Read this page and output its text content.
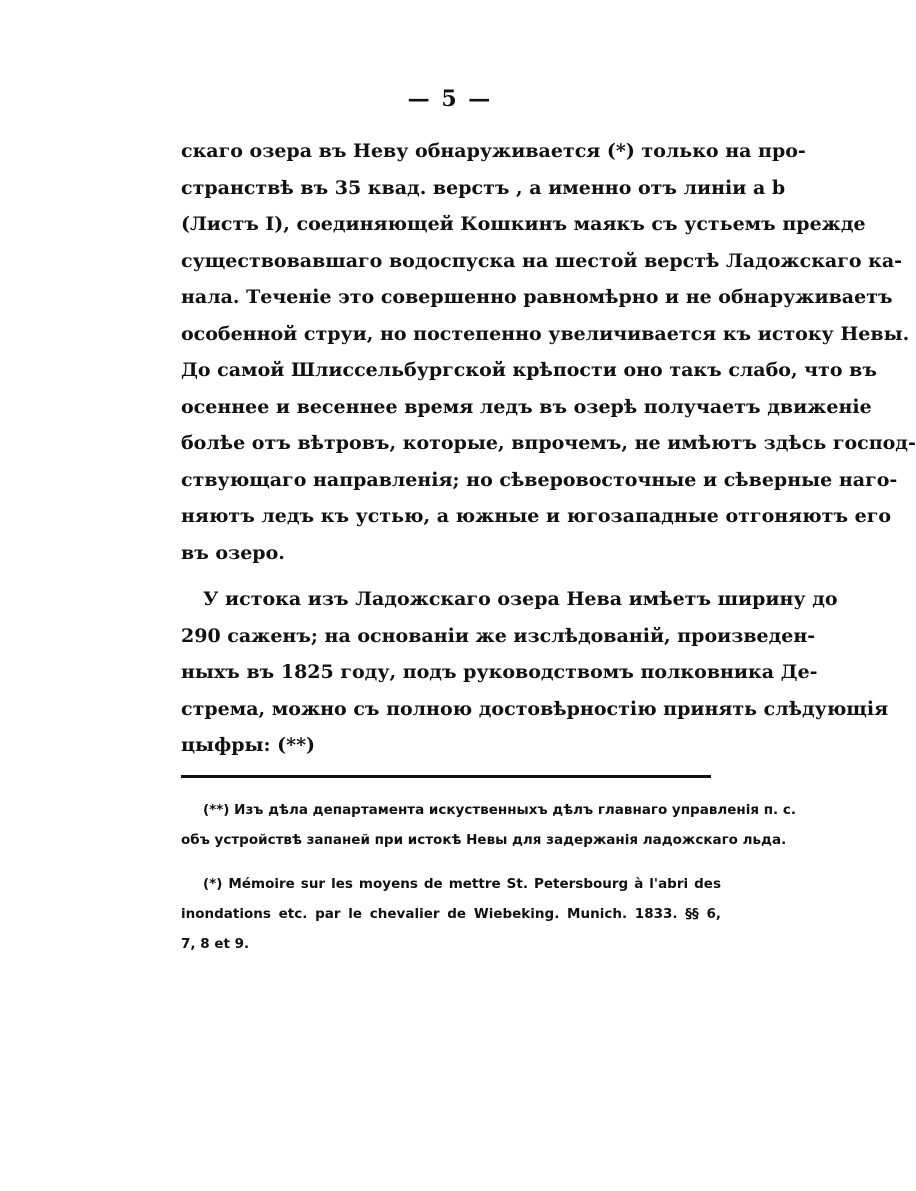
— 5 —
скаго озера въ Неву обнаруживается (*) только на про-
странствѣ въ 35 квад. верстъ , а именно отъ линіи a b
(Листъ I), соединяющей Кошкинъ маякъ съ устьемъ прежде
существовавшаго водоспуска на шестой верстѣ Ладожскаго ка-
нала. Теченіе это совершенно равномѣрно и не обнаруживаетъ
особенной струи, но постепенно увеличивается къ истоку Невы.
До самой Шлиссельбургской крѣпости оно такъ слабо, что въ
осеннее и весеннее время ледъ въ озерѣ получаетъ движеніе
болѣе отъ вѣтровъ, которые, впрочемъ, не имѣютъ здѣсь господ-
ствующаго направленія; но сѣверовосточные и сѣверные наго-
няютъ ледъ къ устью, а южные и югозападные отгоняютъ его
въ озеро.
У истока изъ Ладожскаго озера Нева имѣетъ ширину до
290 саженъ; на основаніи же изслѣдованій, произведен-
ныхъ въ 1825 году, подъ руководствомъ полковника Де-
стрема, можно съ полною достовѣрностію принять слѣдующія
цыфры: (**)
(**) Изъ дѣла департамента искуственныхъ дѣлъ главнаго управленія п. с.
объ устройствѣ запаней при истокѣ Невы для задержанія ладожскаго льда.
(*) Mémoire sur les moyens de mettre St. Petersbourg à l'abri des
inondations etc. par le chevalier de Wiebeking. Munich. 1833. §§ 6,
7, 8 et 9.
